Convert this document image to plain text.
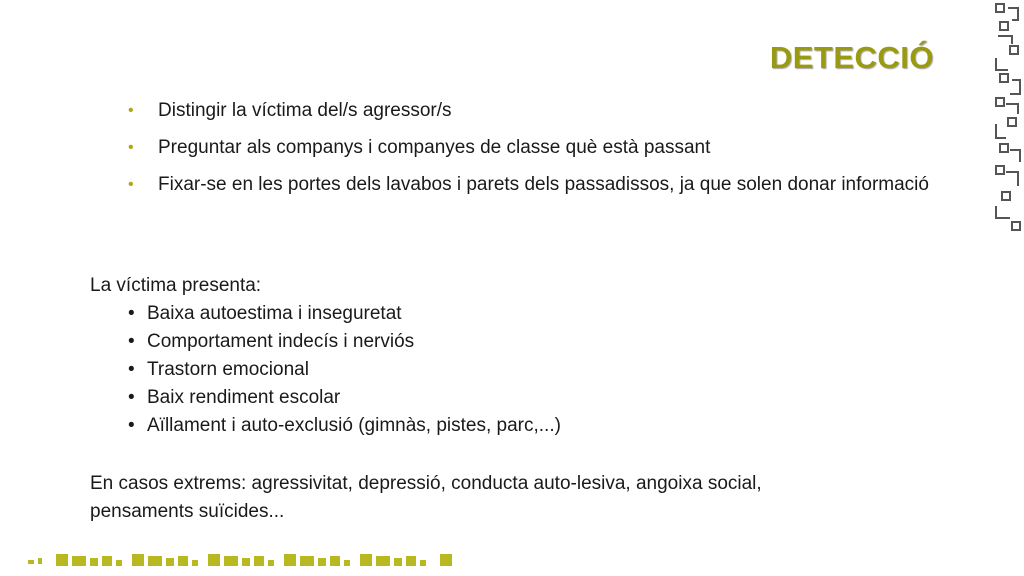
DETECCIÓ
• Distingir la víctima del/s agressor/s
• Preguntar als companys i companyes de classe què està passant
• Fixar-se en les portes dels lavabos i parets dels passadissos, ja que solen donar informació
La víctima presenta:
• Baixa autoestima i inseguretat
• Comportament indecís i nerviós
• Trastorn emocional
• Baix rendiment escolar
• Aïllament i auto-exclusió (gimnàs, pistes, parc,...)
En casos extrems: agressivitat, depressió, conducta auto-lesiva, angoixa social, pensaments suïcides...
